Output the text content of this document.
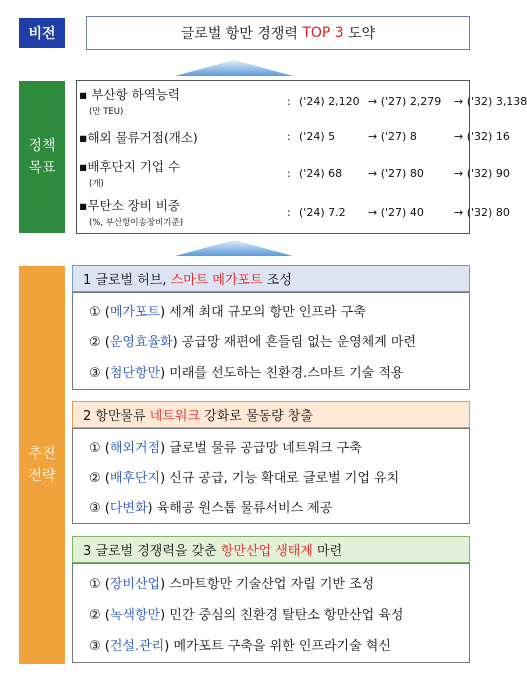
비전	글로벌 항만 경쟁력 TOP 3 도약
정책
목표
▪ 부산항 하역능력
(만 TEU)
: ('24) 2,120 → ('27) 2,279 → ('32) 3,138
▪해외 물류거점(개소)	: ('24) 5	→ ('27) 8	→ ('32) 16
▪배후단지 기업 수
(개)
: ('24) 68 → ('27) 80	→ ('32) 90
▪무탄소 장비 비중
(%, 부산항이송장비기준)
: ('24) 7.2 → ('27) 40	→ ('32) 80
추진
전략
1 글로벌 허브, 스마트 메가포트 조성
① (메가포트) 세계 최대 규모의 항만 인프라 구축
② (운영효율화) 공급망 재편에 흔들림 없는 운영체계 마련
③ (첨단항만) 미래를 선도하는 친환경.스마트 기술 적용
2 항만물류 네트워크 강화로 물동량 창출
① (해외거점) 글로벌 물류 공급망 네트워크 구축
② (배후단지) 신규 공급, 기능 확대로 글로벌 기업 유치
③ (다변화) 육해공 원스톱 물류서비스 제공
3 글로벌 경쟁력을 갖춘 항만산업 생태계 마련
① (장비산업) 스마트항만 기술산업 자립 기반 조성
② (녹색항만) 민간 중심의 친환경 탈탄소 항만산업 육성
③ (건설.관리) 메가포트 구축을 위한 인프라기술 혁신
